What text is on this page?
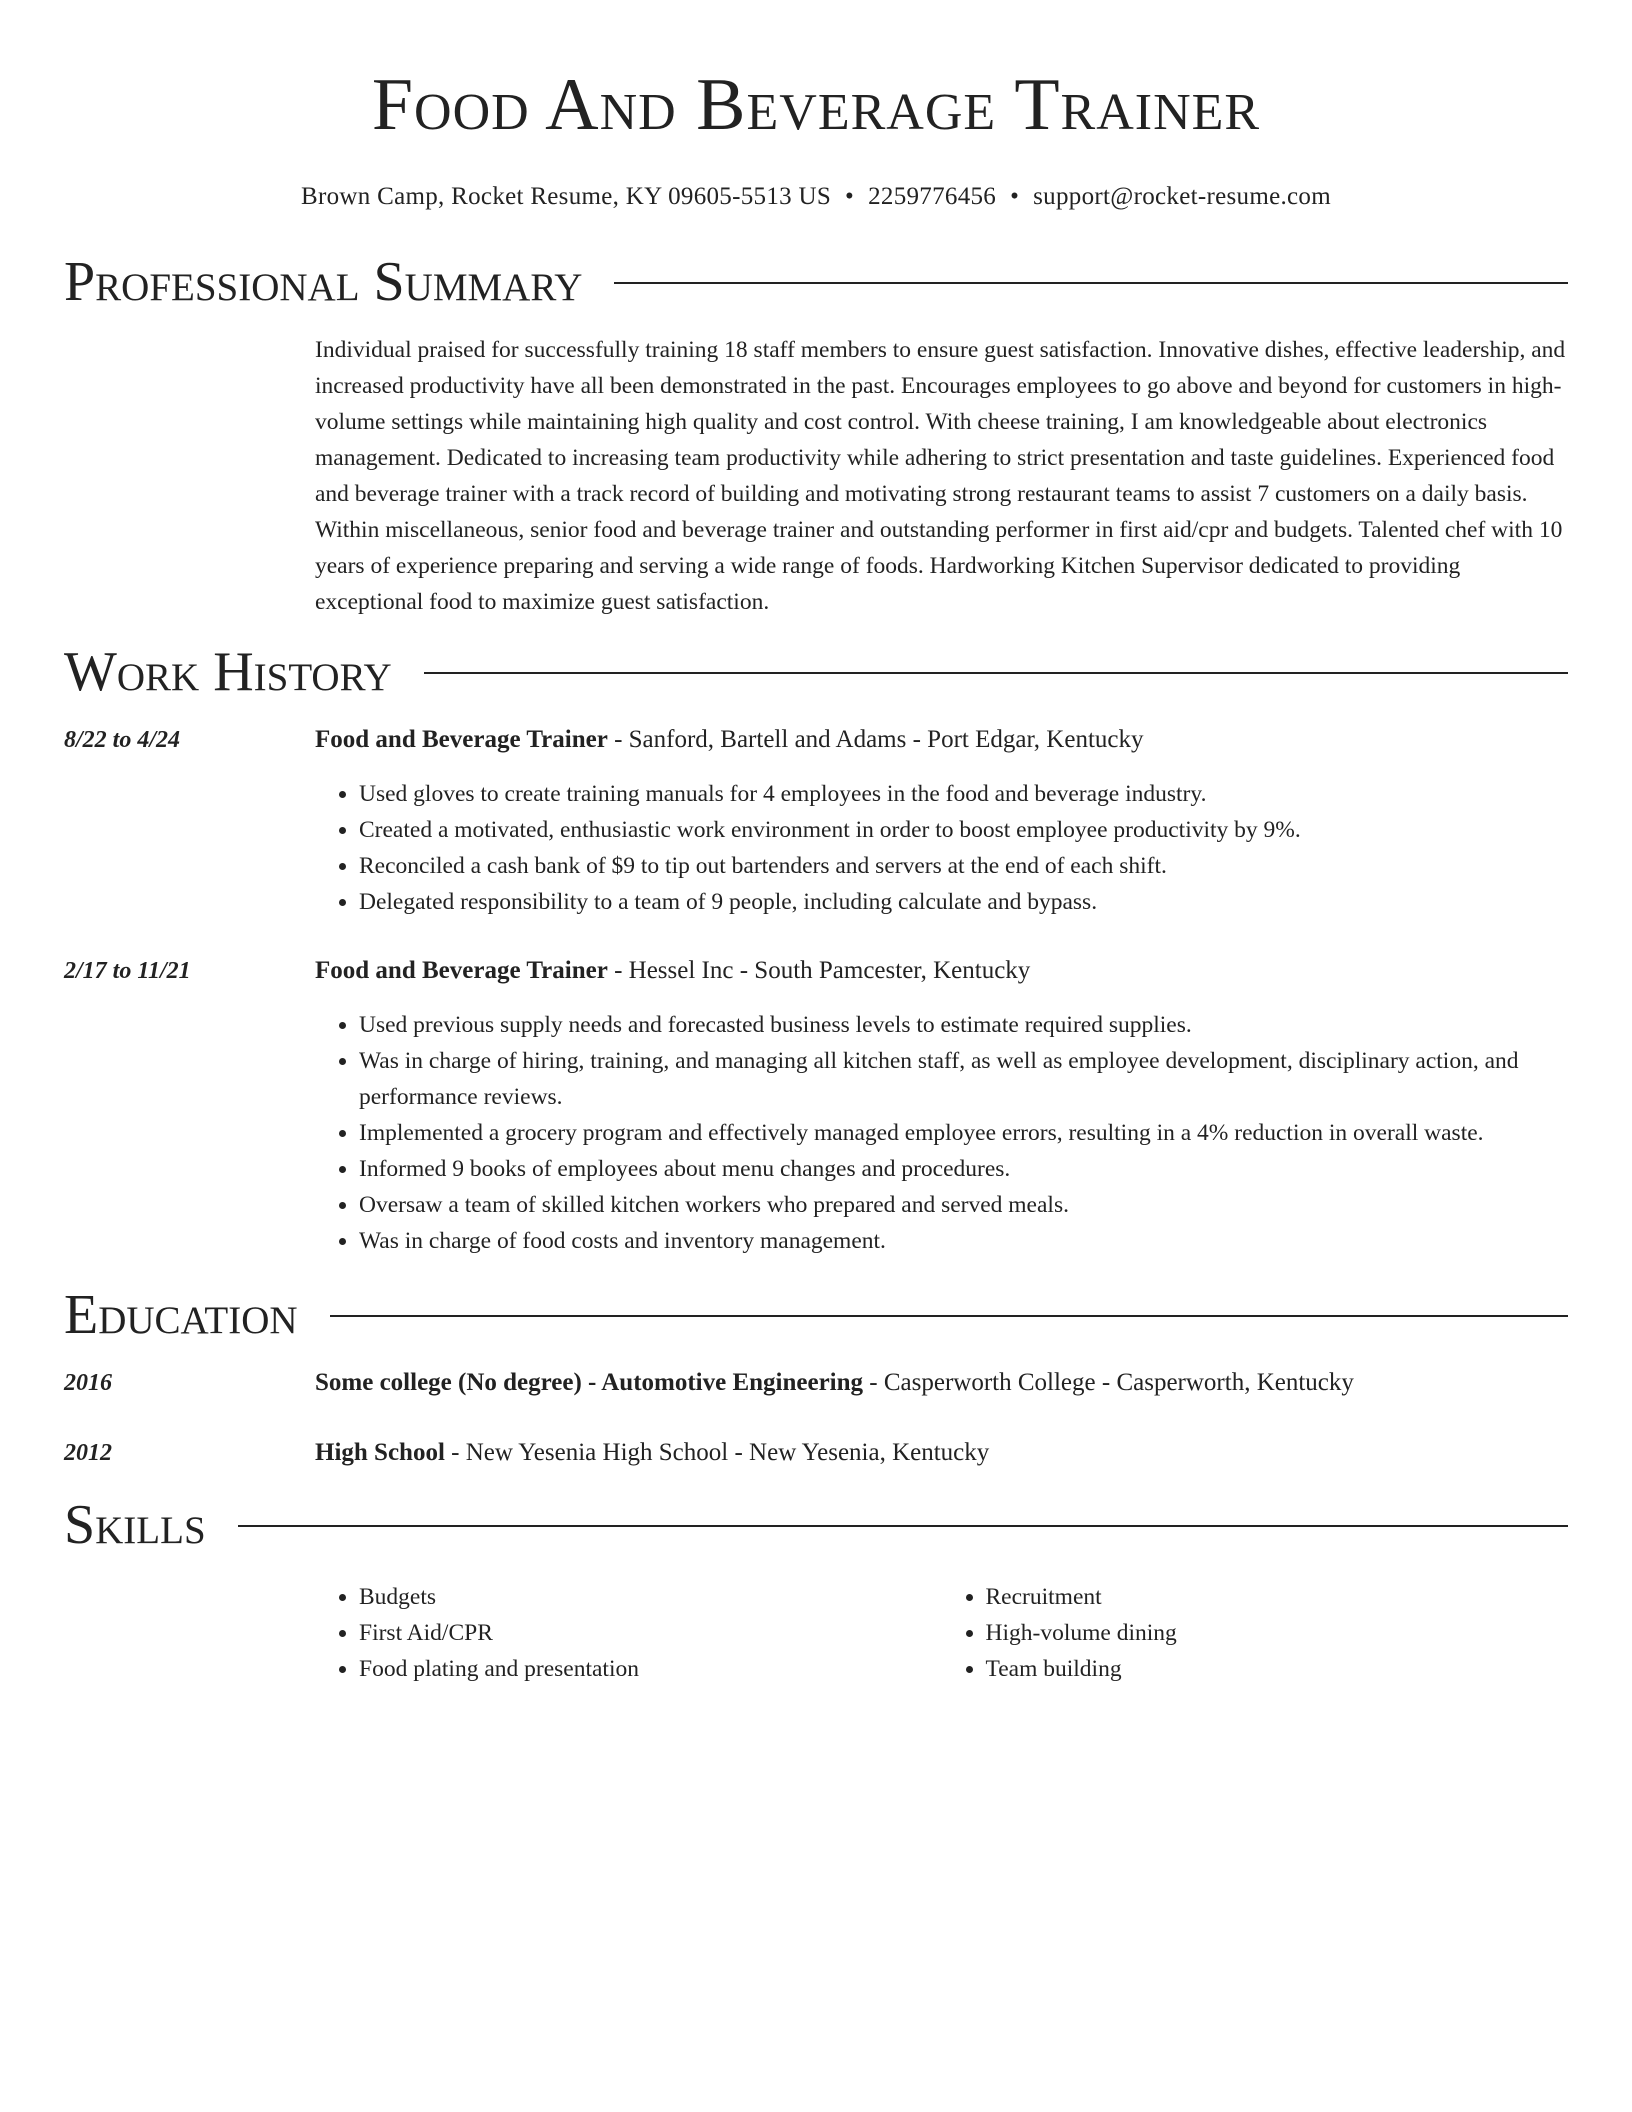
Food And Beverage Trainer
Brown Camp, Rocket Resume, KY 09605-5513 US • 2259776456 • support@rocket-resume.com
Professional Summary
Individual praised for successfully training 18 staff members to ensure guest satisfaction. Innovative dishes, effective leadership, and increased productivity have all been demonstrated in the past. Encourages employees to go above and beyond for customers in high-volume settings while maintaining high quality and cost control. With cheese training, I am knowledgeable about electronics management. Dedicated to increasing team productivity while adhering to strict presentation and taste guidelines. Experienced food and beverage trainer with a track record of building and motivating strong restaurant teams to assist 7 customers on a daily basis. Within miscellaneous, senior food and beverage trainer and outstanding performer in first aid/cpr and budgets. Talented chef with 10 years of experience preparing and serving a wide range of foods. Hardworking Kitchen Supervisor dedicated to providing exceptional food to maximize guest satisfaction.
Work History
8/22 to 4/24	Food and Beverage Trainer - Sanford, Bartell and Adams - Port Edgar, Kentucky
• Used gloves to create training manuals for 4 employees in the food and beverage industry.
• Created a motivated, enthusiastic work environment in order to boost employee productivity by 9%.
• Reconciled a cash bank of $9 to tip out bartenders and servers at the end of each shift.
• Delegated responsibility to a team of 9 people, including calculate and bypass.
2/17 to 11/21	Food and Beverage Trainer - Hessel Inc - South Pamcester, Kentucky
• Used previous supply needs and forecasted business levels to estimate required supplies.
• Was in charge of hiring, training, and managing all kitchen staff, as well as employee development, disciplinary action, and performance reviews.
• Implemented a grocery program and effectively managed employee errors, resulting in a 4% reduction in overall waste.
• Informed 9 books of employees about menu changes and procedures.
• Oversaw a team of skilled kitchen workers who prepared and served meals.
• Was in charge of food costs and inventory management.
Education
2016	Some college (No degree) - Automotive Engineering - Casperworth College - Casperworth, Kentucky
2012	High School - New Yesenia High School - New Yesenia, Kentucky
Skills
• Budgets
• First Aid/CPR
• Food plating and presentation
• Recruitment
• High-volume dining
• Team building
